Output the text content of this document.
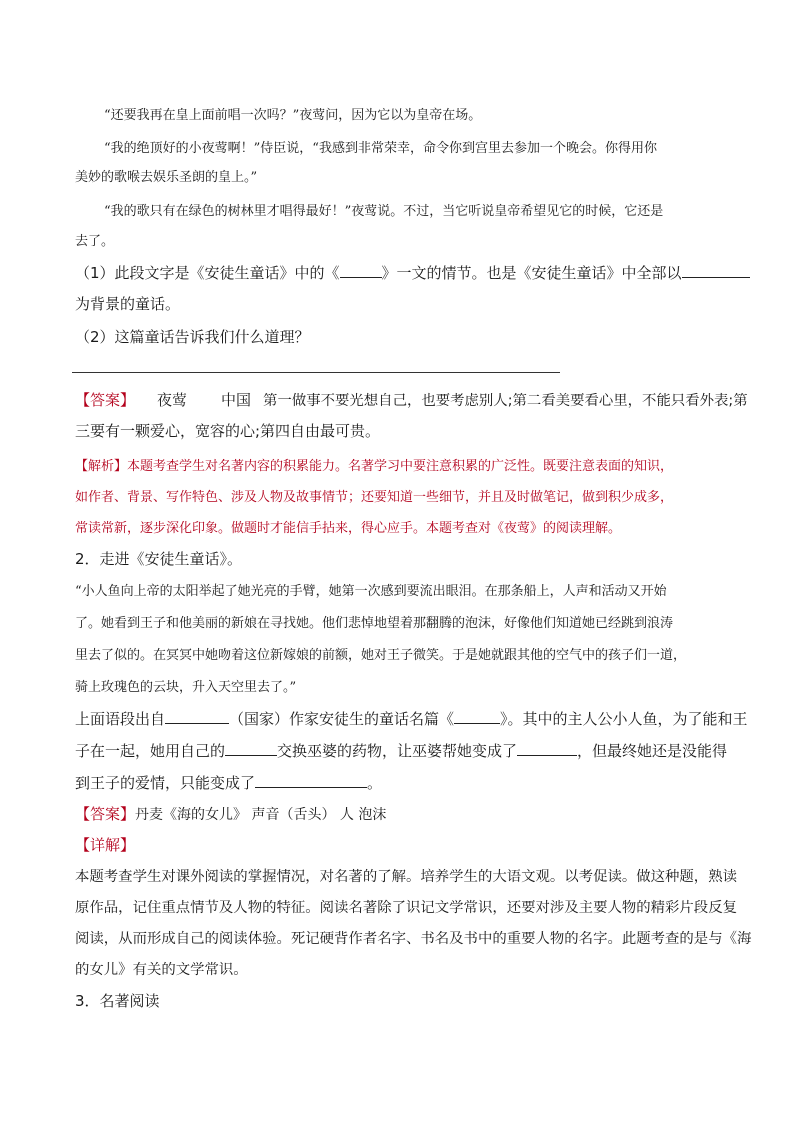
“还要我再在皇上面前唱一次吗？”夜莺问，因为它以为皇帝在场。
“我的绝顶好的小夜莺啊！”侍臣说，“我感到非常荣幸，命令你到宫里去参加一个晚会。你得用你
美妙的歌喉去娱乐圣朗的皇上。”
“我的歌只有在绿色的树林里才唱得最好！”夜莺说。不过，当它听说皇帝希望见它的时候，它还是
去了。
（1）此段文字是《安徒生童话》中的《	》一文的情节。也是《安徒生童话》中全部以
为背景的童话。
（2）这篇童话告诉我们什么道理？
【答案】 夜莺 中国 第一做事不要光想自己，也要考虑别人;第二看美要看心里，不能只看外表;第
三要有一颗爱心，宽容的心;第四自由最可贵。
【解析】本题考查学生对名著内容的积累能力。名著学习中要注意积累的广泛性。既要注意表面的知识，
如作者、背景、写作特色、涉及人物及故事情节；还要知道一些细节，并且及时做笔记，做到积少成多，
常读常新，逐步深化印象。做题时才能信手拈来，得心应手。本题考查对《夜莺》的阅读理解。
2．走进《安徒生童话》。
“小人鱼向上帝的太阳举起了她光亮的手臂，她第一次感到要流出眼泪。在那条船上，人声和活动又开始
了。她看到王子和他美丽的新娘在寻找她。他们悲悼地望着那翻腾的泡沫，好像他们知道她已经跳到浪涛
里去了似的。在冥冥中她吻着这位新嫁娘的前额，她对王子微笑。于是她就跟其他的空气中的孩子们一道，
骑上玫瑰色的云块，升入天空里去了。”
上面语段出自	（国家）作家安徒生的童话名篇《	》。其中的主人公小人鱼，为了能和王
子在一起，她用自己的	交换巫婆的药物，让巫婆帮她变成了	，但最终她还是没能得
到王子的爱情，只能变成了	。
【答案】丹麦《海的女儿》 声音（舌头） 人 泡沫
【详解】
本题考查学生对课外阅读的掌握情况，对名著的了解。培养学生的大语文观。以考促读。做这种题，熟读
原作品，记住重点情节及人物的特征。阅读名著除了识记文学常识，还要对涉及主要人物的精彩片段反复
阅读，从而形成自己的阅读体验。死记硬背作者名字、书名及书中的重要人物的名字。此题考查的是与《海
的女儿》有关的文学常识。
3．名著阅读
